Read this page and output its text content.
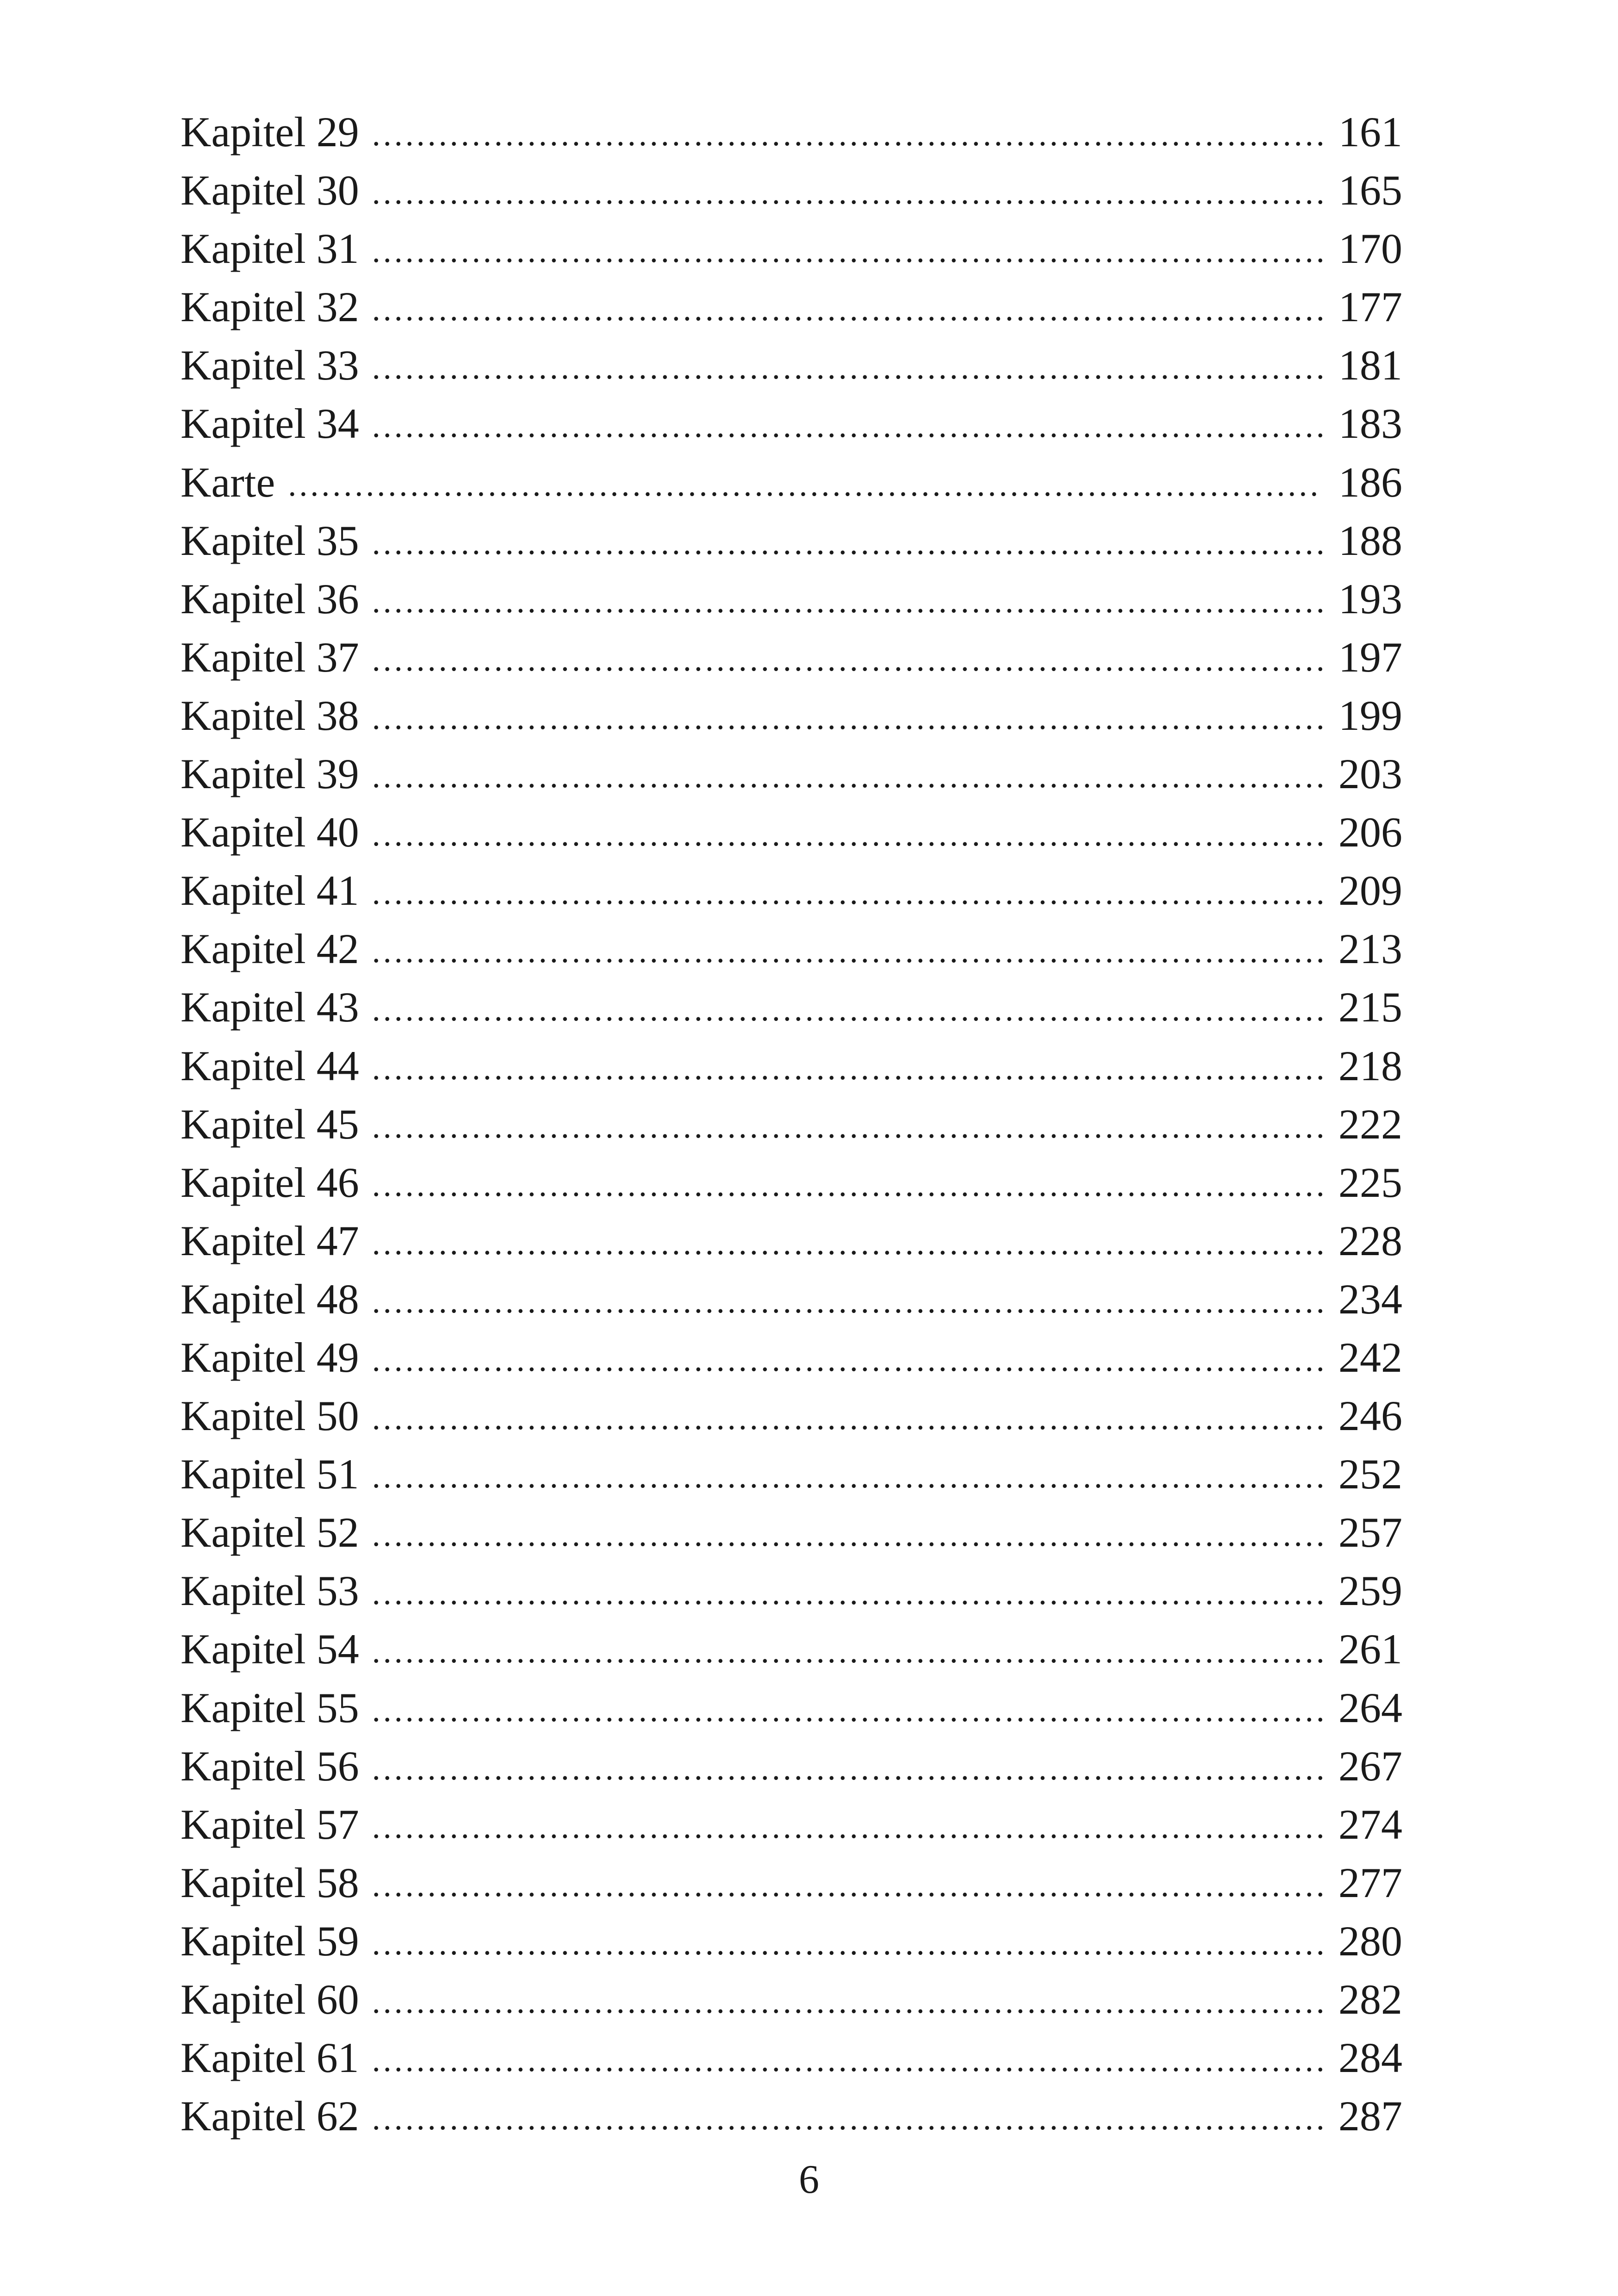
Kapitel 29 .....	161
Kapitel 30 .....	165
Kapitel 31 .....	170
Kapitel 32 .....	177
Kapitel 33 .....	181
Kapitel 34 .....	183
Karte .....	186
Kapitel 35 .....	188
Kapitel 36 .....	193
Kapitel 37 .....	197
Kapitel 38 .....	199
Kapitel 39 .....	203
Kapitel 40 .....	206
Kapitel 41 .....	209
Kapitel 42 .....	213
Kapitel 43 .....	215
Kapitel 44 .....	218
Kapitel 45 .....	222
Kapitel 46 .....	225
Kapitel 47 .....	228
Kapitel 48 .....	234
Kapitel 49 .....	242
Kapitel 50 .....	246
Kapitel 51 .....	252
Kapitel 52 .....	257
Kapitel 53 .....	259
Kapitel 54 .....	261
Kapitel 55 .....	264
Kapitel 56 .....	267
Kapitel 57 .....	274
Kapitel 58 .....	277
Kapitel 59 .....	280
Kapitel 60 .....	282
Kapitel 61 .....	284
Kapitel 62 .....	287
6
